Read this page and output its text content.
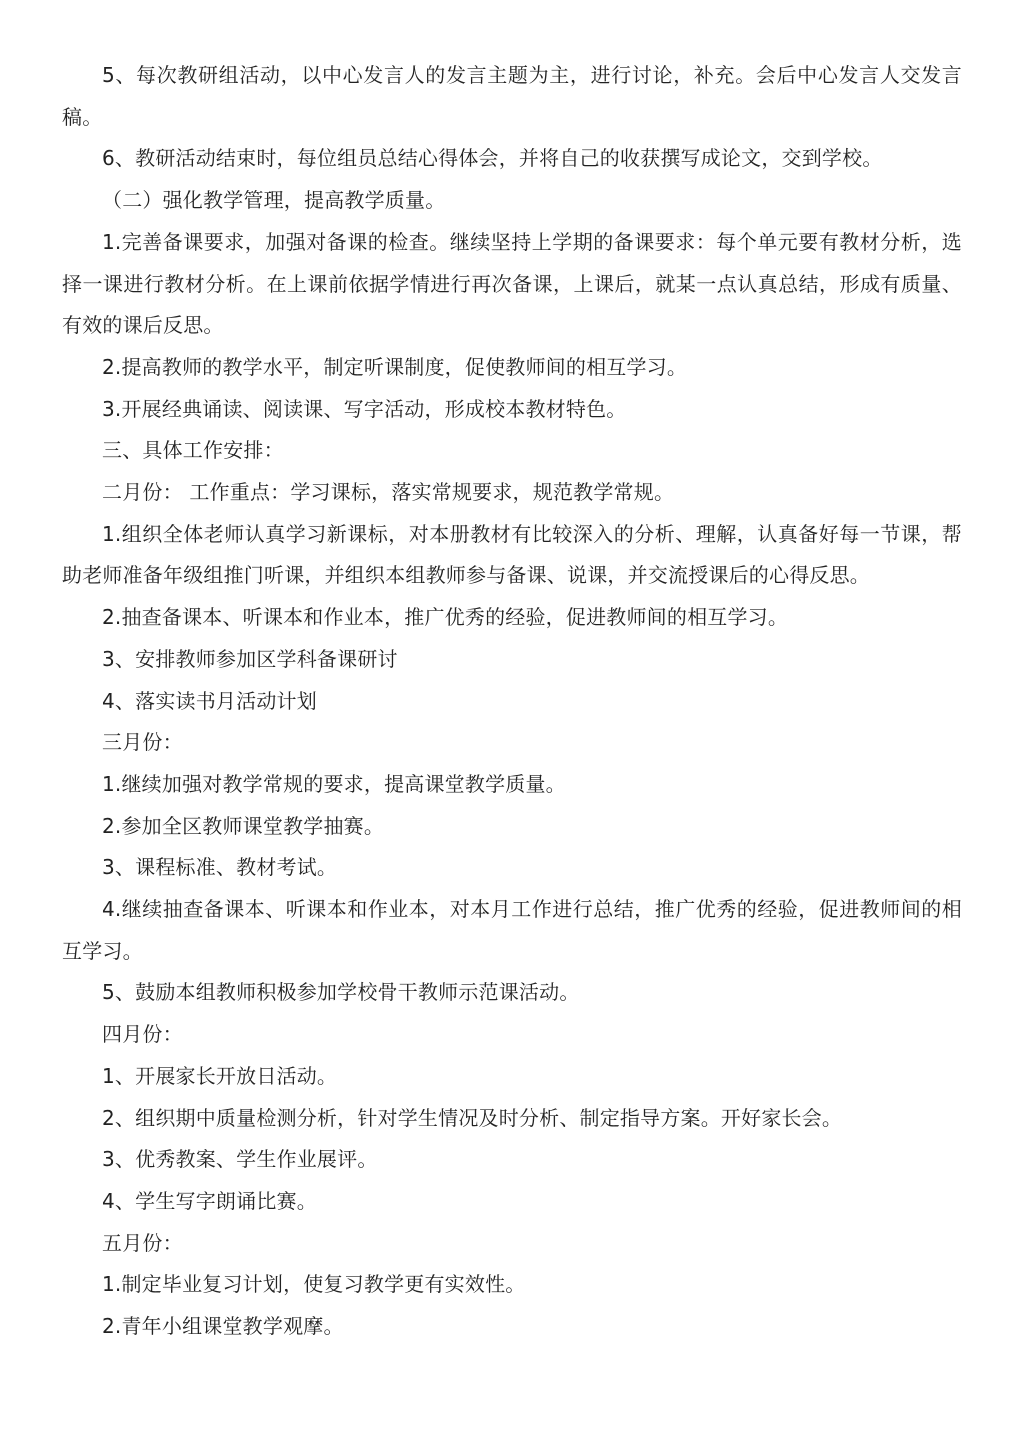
5、每次教研组活动，以中心发言人的发言主题为主，进行讨论，补充。会后中心发言人交发言稿。

6、教研活动结束时，每位组员总结心得体会，并将自己的收获撰写成论文，交到学校。

（二）强化教学管理，提高教学质量。

1.完善备课要求，加强对备课的检查。继续坚持上学期的备课要求：每个单元要有教材分析，选择一课进行教材分析。在上课前依据学情进行再次备课，上课后，就某一点认真总结，形成有质量、有效的课后反思。

2.提高教师的教学水平，制定听课制度，促使教师间的相互学习。

3.开展经典诵读、阅读课、写字活动，形成校本教材特色。

三、具体工作安排：

二月份： 工作重点：学习课标，落实常规要求，规范教学常规。

1.组织全体老师认真学习新课标，对本册教材有比较深入的分析、理解，认真备好每一节课，帮助老师准备年级组推门听课，并组织本组教师参与备课、说课，并交流授课后的心得反思。

2.抽查备课本、听课本和作业本，推广优秀的经验，促进教师间的相互学习。

3、安排教师参加区学科备课研讨

4、落实读书月活动计划

三月份：

1.继续加强对教学常规的要求，提高课堂教学质量。

2.参加全区教师课堂教学抽赛。

3、课程标准、教材考试。

4.继续抽查备课本、听课本和作业本，对本月工作进行总结，推广优秀的经验，促进教师间的相互学习。

5、鼓励本组教师积极参加学校骨干教师示范课活动。

四月份：

1、开展家长开放日活动。

2、组织期中质量检测分析，针对学生情况及时分析、制定指导方案。开好家长会。

3、优秀教案、学生作业展评。

4、学生写字朗诵比赛。

五月份：

1.制定毕业复习计划，使复习教学更有实效性。

2.青年小组课堂教学观摩。
